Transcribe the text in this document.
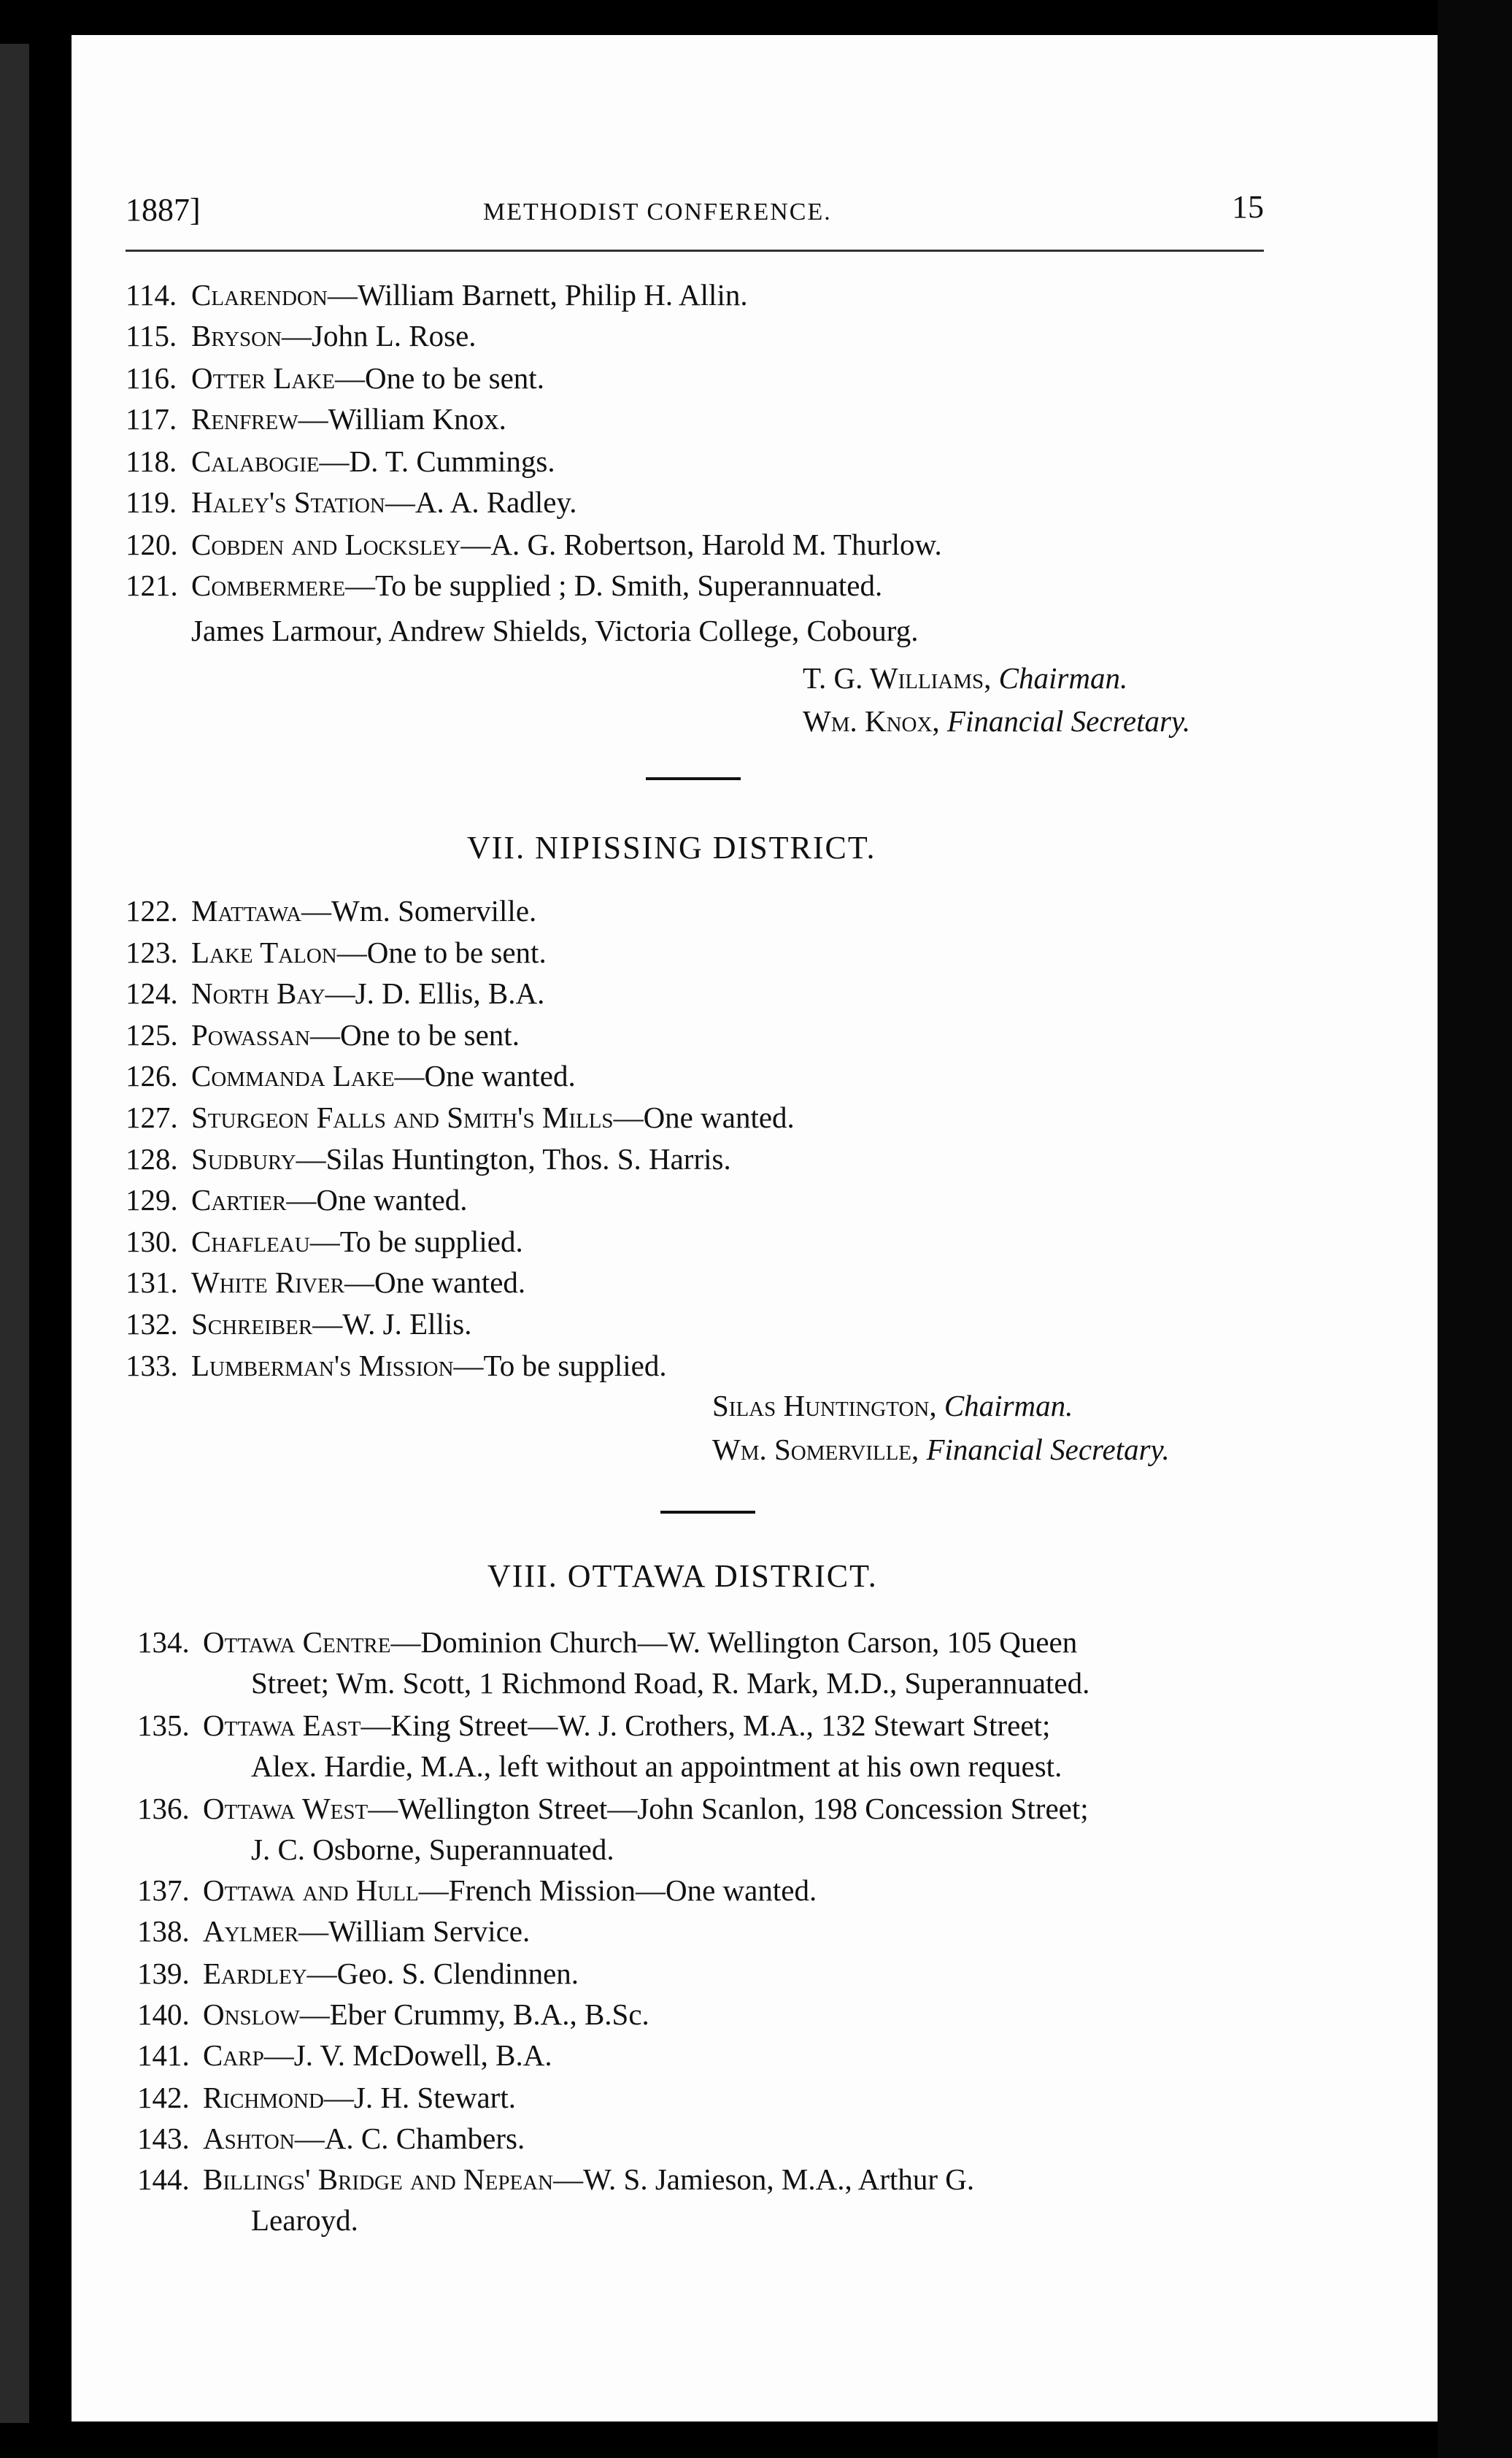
1887]	METHODIST CONFERENCE.	15
114. Clarendon—William Barnett, Philip H. Allin.
115. Bryson—John L. Rose.
116. Otter Lake—One to be sent.
117. Renfrew—William Knox.
118. Calabogie—D. T. Cummings.
119. Haley's Station—A. A. Radley.
120. Cobden and Locksley—A. G. Robertson, Harold M. Thurlow.
121. Combermere—To be supplied ; D. Smith, Superannuated.
James Larmour, Andrew Shields, Victoria College, Cobourg.
T. G. Williams, Chairman.
Wm. Knox, Financial Secretary.
VII. NIPISSING DISTRICT.
122. Mattawa—Wm. Somerville.
123. Lake Talon—One to be sent.
124. North Bay—J. D. Ellis, B.A.
125. Powassan—One to be sent.
126. Commanda Lake—One wanted.
127. Sturgeon Falls and Smith's Mills—One wanted.
128. Sudbury—Silas Huntington, Thos. S. Harris.
129. Cartier—One wanted.
130. Chafleau—To be supplied.
131. White River—One wanted.
132. Schreiber—W. J. Ellis.
133. Lumberman's Mission—To be supplied.
Silas Huntington, Chairman.
Wm. Somerville, Financial Secretary.
VIII. OTTAWA DISTRICT.
134. Ottawa Centre—Dominion Church—W. Wellington Carson, 105 Queen
Street; Wm. Scott, 1 Richmond Road, R. Mark, M.D., Superannuated.
135. Ottawa East—King Street—W. J. Crothers, M.A., 132 Stewart Street;
Alex. Hardie, M.A., left without an appointment at his own request.
136. Ottawa West—Wellington Street—John Scanlon, 198 Concession Street;
J. C. Osborne, Superannuated.
137. Ottawa and Hull—French Mission—One wanted.
138. Aylmer—William Service.
139. Eardley—Geo. S. Clendinnen.
140. Onslow—Eber Crummy, B.A., B.Sc.
141. Carp—J. V. McDowell, B.A.
142. Richmond—J. H. Stewart.
143. Ashton—A. C. Chambers.
144. Billings' Bridge and Nepean—W. S. Jamieson, M.A., Arthur G.
Learoyd.
